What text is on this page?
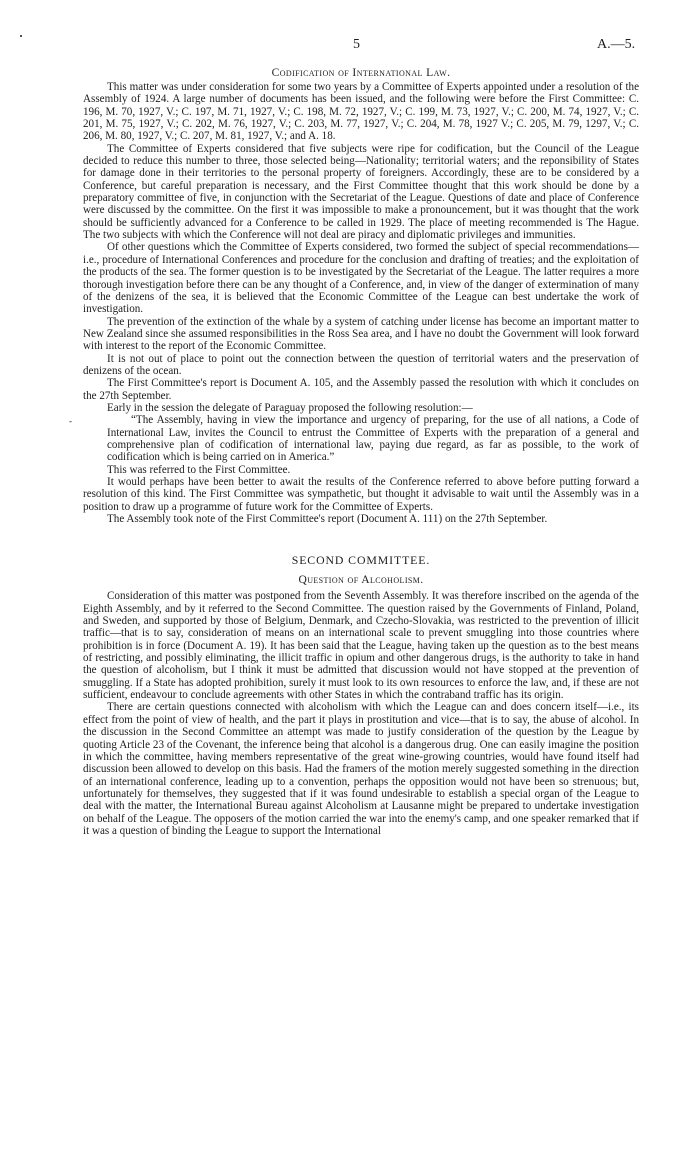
5	A.—5.
Codification of International Law.

This matter was under consideration for some two years by a Committee of Experts appointed under a resolution of the Assembly of 1924. A large number of documents has been issued, and the following were before the First Committee: C. 196, M. 70, 1927, V.; C. 197, M. 71, 1927, V.; C. 198, M. 72, 1927, V.; C. 199, M. 73, 1927, V.; C. 200, M. 74, 1927, V.; C. 201, M. 75, 1927, V.; C. 202, M. 76, 1927, V.; C. 203, M. 77, 1927, V.; C. 204, M. 78, 1927 V.; C. 205, M. 79, 1297, V.; C. 206, M. 80, 1927, V.; C. 207, M. 81, 1927, V.; and A. 18.

The Committee of Experts considered that five subjects were ripe for codification, but the Council of the League decided to reduce this number to three, those selected being—Nationality; territorial waters; and the reponsibility of States for damage done in their territories to the personal property of foreigners. Accordingly, these are to be considered by a Conference, but careful preparation is necessary, and the First Committee thought that this work should be done by a preparatory committee of five, in conjunction with the Secretariat of the League. Questions of date and place of Conference were discussed by the committee. On the first it was impossible to make a pronouncement, but it was thought that the work should be sufficiently advanced for a Conference to be called in 1929. The place of meeting recommended is The Hague. The two subjects with which the Conference will not deal are piracy and diplomatic privileges and immunities.

Of other questions which the Committee of Experts considered, two formed the subject of special recommendations—i.e., procedure of International Conferences and procedure for the conclusion and drafting of treaties; and the exploitation of the products of the sea. The former question is to be investigated by the Secretariat of the League. The latter requires a more thorough investigation before there can be any thought of a Conference, and, in view of the danger of extermination of many of the denizens of the sea, it is believed that the Economic Committee of the League can best undertake the work of investigation.

The prevention of the extinction of the whale by a system of catching under license has become an important matter to New Zealand since she assumed responsibilities in the Ross Sea area, and I have no doubt the Government will look forward with interest to the report of the Economic Committee.

It is not out of place to point out the connection between the question of territorial waters and the preservation of denizens of the ocean.

The First Committee's report is Document A. 105, and the Assembly passed the resolution with which it concludes on the 27th September.

Early in the session the delegate of Paraguay proposed the following resolution:—

-	“The Assembly, having in view the importance and urgency of preparing, for the use of all nations, a Code of International Law, invites the Council to entrust the Committee of Experts with the preparation of a general and comprehensive plan of codification of international law, paying due regard, as far as possible, to the work of codification which is being carried on in America.”

This was referred to the First Committee.

It would perhaps have been better to await the results of the Conference referred to above before putting forward a resolution of this kind. The First Committee was sympathetic, but thought it advisable to wait until the Assembly was in a position to draw up a programme of future work for the Committee of Experts.

The Assembly took note of the First Committee's report (Document A. 111) on the 27th September.

SECOND COMMITTEE.
Question of Alcoholism.

Consideration of this matter was postponed from the Seventh Assembly. It was therefore inscribed on the agenda of the Eighth Assembly, and by it referred to the Second Committee. The question raised by the Governments of Finland, Poland, and Sweden, and supported by those of Belgium, Denmark, and Czecho-Slovakia, was restricted to the prevention of illicit traffic—that is to say, consideration of means on an international scale to prevent smuggling into those countries where prohibition is in force (Document A. 19). It has been said that the League, having taken up the question as to the best means of restricting, and possibly eliminating, the illicit traffic in opium and other dangerous drugs, is the authority to take in hand the question of alcoholism, but I think it must be admitted that discussion would not have stopped at the prevention of smuggling. If a State has adopted prohibition, surely it must look to its own resources to enforce the law, and, if these are not sufficient, endeavour to conclude agreements with other States in which the contraband traffic has its origin.

There are certain questions connected with alcoholism with which the League can and does concern itself—i.e., its effect from the point of view of health, and the part it plays in prostitution and vice—that is to say, the abuse of alcohol. In the discussion in the Second Committee an attempt was made to justify consideration of the question by the League by quoting Article 23 of the Covenant, the inference being that alcohol is a dangerous drug. One can easily imagine the position in which the committee, having members representative of the great wine-growing countries, would have found itself had discussion been allowed to develop on this basis. Had the framers of the motion merely suggested something in the direction of an international conference, leading up to a convention, perhaps the opposition would not have been so strenuous; but, unfortunately for themselves, they suggested that if it was found undesirable to establish a special organ of the League to deal with the matter, the International Bureau against Alcoholism at Lausanne might be prepared to undertake investigation on behalf of the League. The opposers of the motion carried the war into the enemy's camp, and one speaker remarked that if it was a question of binding the League to support the International
